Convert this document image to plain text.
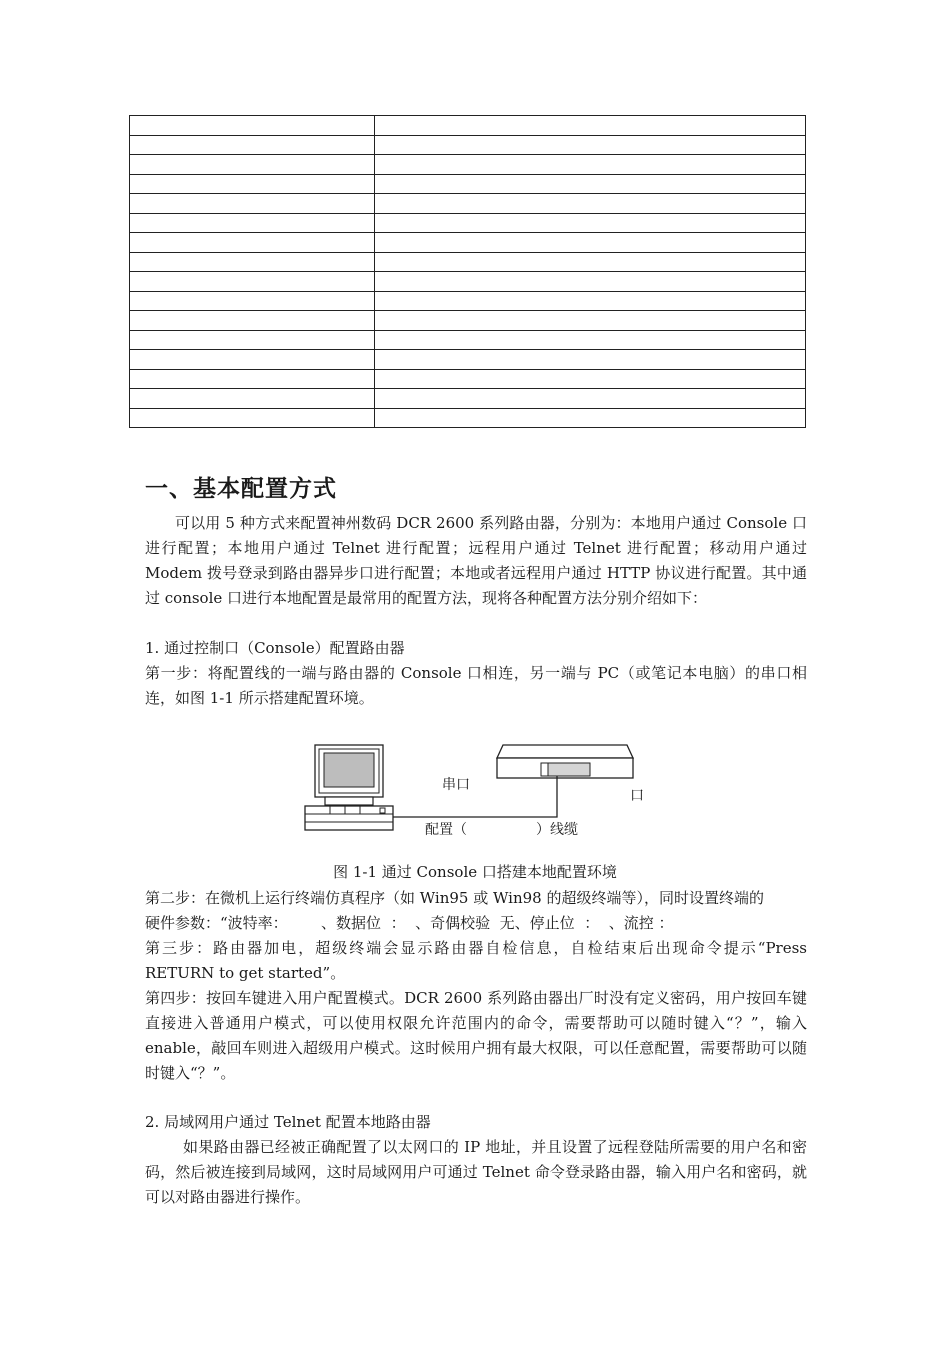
一、基本配置方式

可以用 5 种方式来配置神州数码 DCR 2600 系列路由器，分别为：本地用户通过 Console 口进行配置；本地用户通过 Telnet 进行配置；远程用户通过 Telnet 进行配置；移动用户通过 Modem 拨号登录到路由器异步口进行配置；本地或者远程用户通过 HTTP 协议进行配置。其中通过 console 口进行本地配置是最常用的配置方法，现将各种配置方法分别介绍如下：

1. 通过控制口（Console）配置路由器

第一步：将配置线的一端与路由器的 Console 口相连，另一端与 PC（或笔记本电脑）的串口相连，如图 1-1 所示搭建配置环境。

串口
口
配置（	）线缆
图 1-1 通过 Console 口搭建本地配置环境

第二步：在微机上运行终端仿真程序（如 Win95 或 Win98 的超级终端等），同时设置终端的

硬件参数：“波特率：       、数据位  ：  、奇偶校验  无、停止位  ：  、流控 ：

第三步：路由器加电，超级终端会显示路由器自检信息，自检结束后出现命令提示“Press RETURN to get started”。

第四步：按回车键进入用户配置模式。DCR 2600 系列路由器出厂时没有定义密码，用户按回车键直接进入普通用户模式，可以使用权限允许范围内的命令，需要帮助可以随时键入“？”，输入 enable，敲回车则进入超级用户模式。这时候用户拥有最大权限，可以任意配置，需要帮助可以随时键入“？”。

2. 局域网用户通过 Telnet 配置本地路由器

如果路由器已经被正确配置了以太网口的 IP 地址，并且设置了远程登陆所需要的用户名和密码，然后被连接到局域网，这时局域网用户可通过 Telnet 命令登录路由器，输入用户名和密码，就可以对路由器进行操作。
